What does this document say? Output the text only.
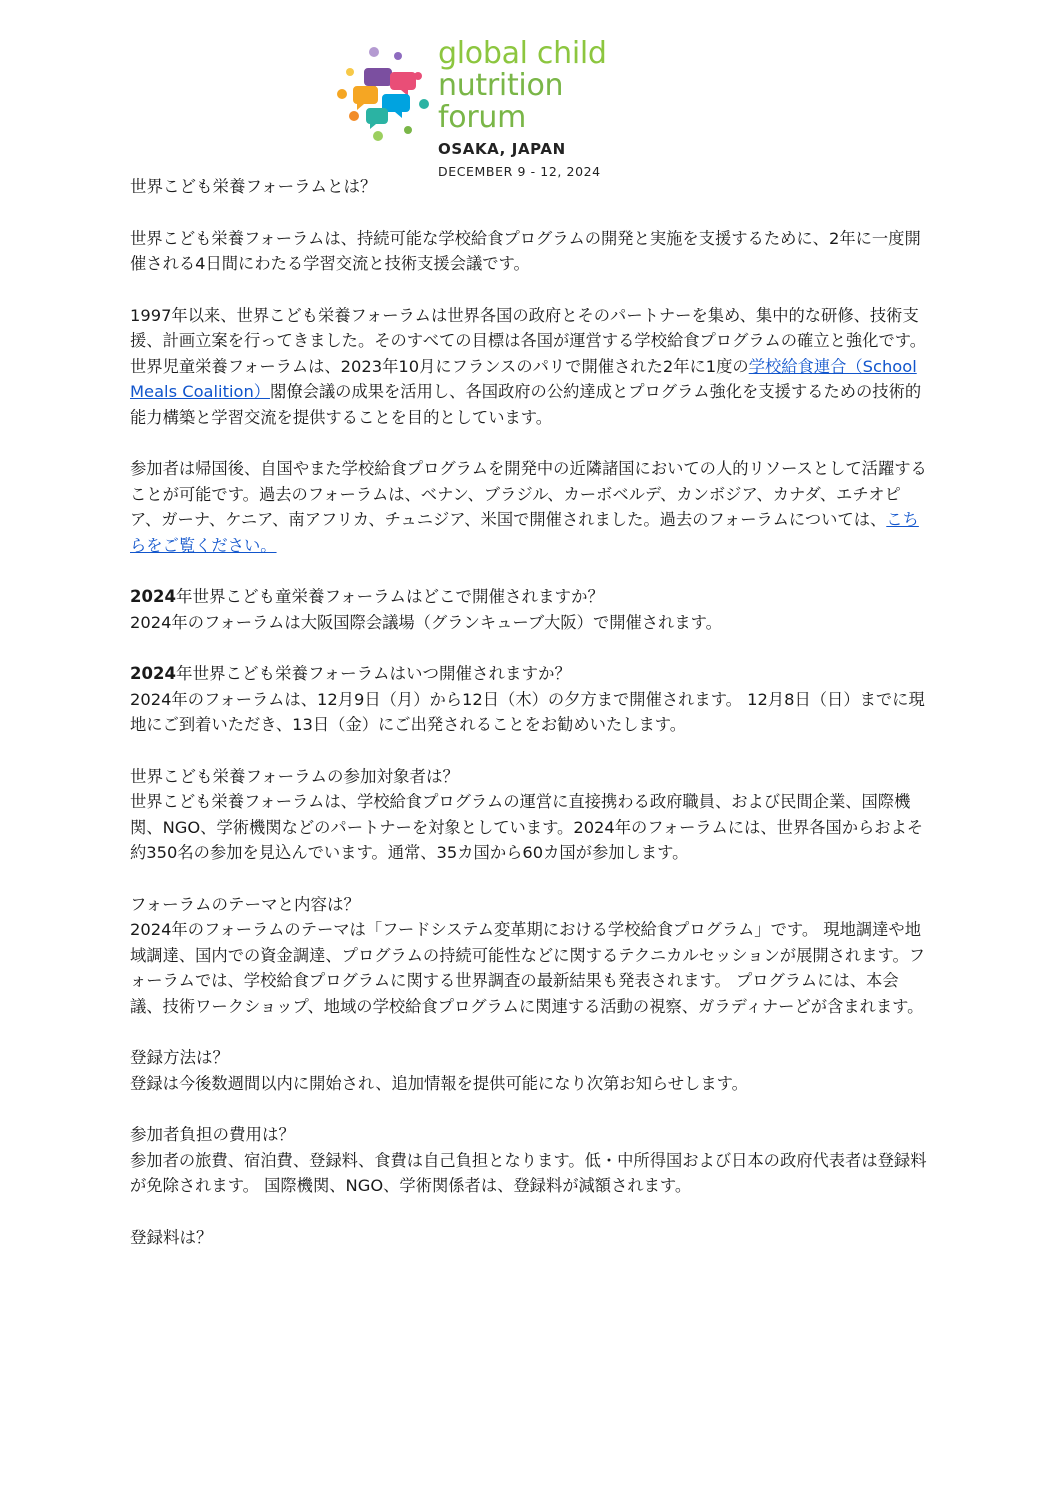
global child
nutrition forum
OSAKA, JAPAN
DECEMBER 9 - 12, 2024

世界こども栄養フォーラムとは？

世界こども栄養フォーラムは、持続可能な学校給食プログラムの開発と実施を支援するために、2年に一度開催される4日間にわたる学習交流と技術支援会議です。

1997年以来、世界こども栄養フォーラムは世界各国の政府とそのパートナーを集め、集中的な研修、技術支援、計画立案を行ってきました。そのすべての目標は各国が運営する学校給食プログラムの確立と強化です。世界児童栄養フォーラムは、2023年10月にフランスのパリで開催された2年に1度の学校給食連合（School Meals Coalition）閣僚会議の成果を活用し、各国政府の公約達成とプログラム強化を支援するための技術的能力構築と学習交流を提供することを目的としています。

参加者は帰国後、自国やまた学校給食プログラムを開発中の近隣諸国においての人的リソースとして活躍することが可能です。過去のフォーラムは、ベナン、ブラジル、カーボベルデ、カンボジア、カナダ、エチオピア、ガーナ、ケニア、南アフリカ、チュニジア、米国で開催されました。過去のフォーラムについては、こちらをご覧ください。

2024年世界こども童栄養フォーラムはどこで開催されますか？

2024年のフォーラムは大阪国際会議場（グランキューブ大阪）で開催されます。

2024年世界こども栄養フォーラムはいつ開催されますか？

2024年のフォーラムは、12月9日（月）から12日（木）の夕方まで開催されます。 12月8日（日）までに現地にご到着いただき、13日（金）にご出発されることをお勧めいたします。

世界こども栄養フォーラムの参加対象者は？

世界こども栄養フォーラムは、学校給食プログラムの運営に直接携わる政府職員、および民間企業、国際機関、NGO、学術機関などのパートナーを対象としています。2024年のフォーラムには、世界各国からおよそ約350名の参加を見込んでいます。通常、35カ国から60カ国が参加します。

フォーラムのテーマと内容は？

2024年のフォーラムのテーマは「フードシステム変革期における学校給食プログラム」です。 現地調達や地域調達、国内での資金調達、プログラムの持続可能性などに関するテクニカルセッションが展開されます。フォーラムでは、学校給食プログラムに関する世界調査の最新結果も発表されます。 プログラムには、本会議、技術ワークショップ、地域の学校給食プログラムに関連する活動の視察、ガラディナーどが含まれます。

登録方法は？

登録は今後数週間以内に開始され、追加情報を提供可能になり次第お知らせします。

参加者負担の費用は？

参加者の旅費、宿泊費、登録料、食費は自己負担となります。低・中所得国および日本の政府代表者は登録料が免除されます。 国際機関、NGO、学術関係者は、登録料が減額されます。

登録料は？
